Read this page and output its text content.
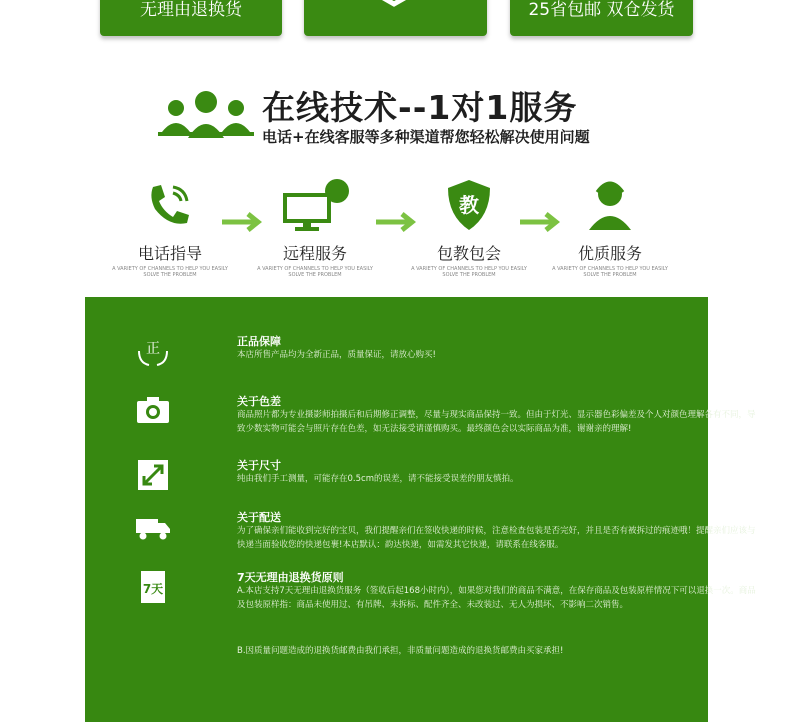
无理由退换货	25省包邮 双仓发货
在线技术--1对1服务
电话+在线客服等多种渠道帮您轻松解决使用问题
电话指导
A VARIETY OF CHANNELS TO HELP YOU EASILY SOLVE THE PROBLEM
远程服务
A VARIETY OF CHANNELS TO HELP YOU EASILY SOLVE THE PROBLEM
教
包教包会
A VARIETY OF CHANNELS TO HELP YOU EASILY SOLVE THE PROBLEM
优质服务
A VARIETY OF CHANNELS TO HELP YOU EASILY SOLVE THE PROBLEM
正	正品保障
本店所售产品均为全新正品，质量保证，请放心购买!
关于色差
商品照片都为专业摄影师拍摄后和后期修正调整，尽量与现实商品保持一致。但由于灯光、显示器色彩偏差及个人对颜色理解各有不同，导致少数实物可能会与照片存在色差，如无法接受请谨慎购买。最终颜色会以实际商品为准，谢谢亲的理解!
关于尺寸
纯由我们手工测量，可能存在0.5cm的误差，请不能接受误差的朋友慎拍。
关于配送
为了确保亲们能收到完好的宝贝，我们提醒亲们在签收快递的时候，注意检查包装是否完好，并且是否有被拆过的痕迹哦！提醒亲们应该与快递当面验收您的快递包裹!本店默认：韵达快递，如需发其它快递，请联系在线客服。
7天
7天无理由退换货原则
A.本店支持7天无理由退换货服务（签收后起168小时内），如果您对我们的商品不满意，在保存商品及包装原样情况下可以退换一次。商品及包装原样指：商品未使用过、有吊牌、未拆标、配件齐全、未改装过、无人为损坏、不影响二次销售。
B.因质量问题造成的退换货邮费由我们承担，非质量问题造成的退换货邮费由买家承担!
